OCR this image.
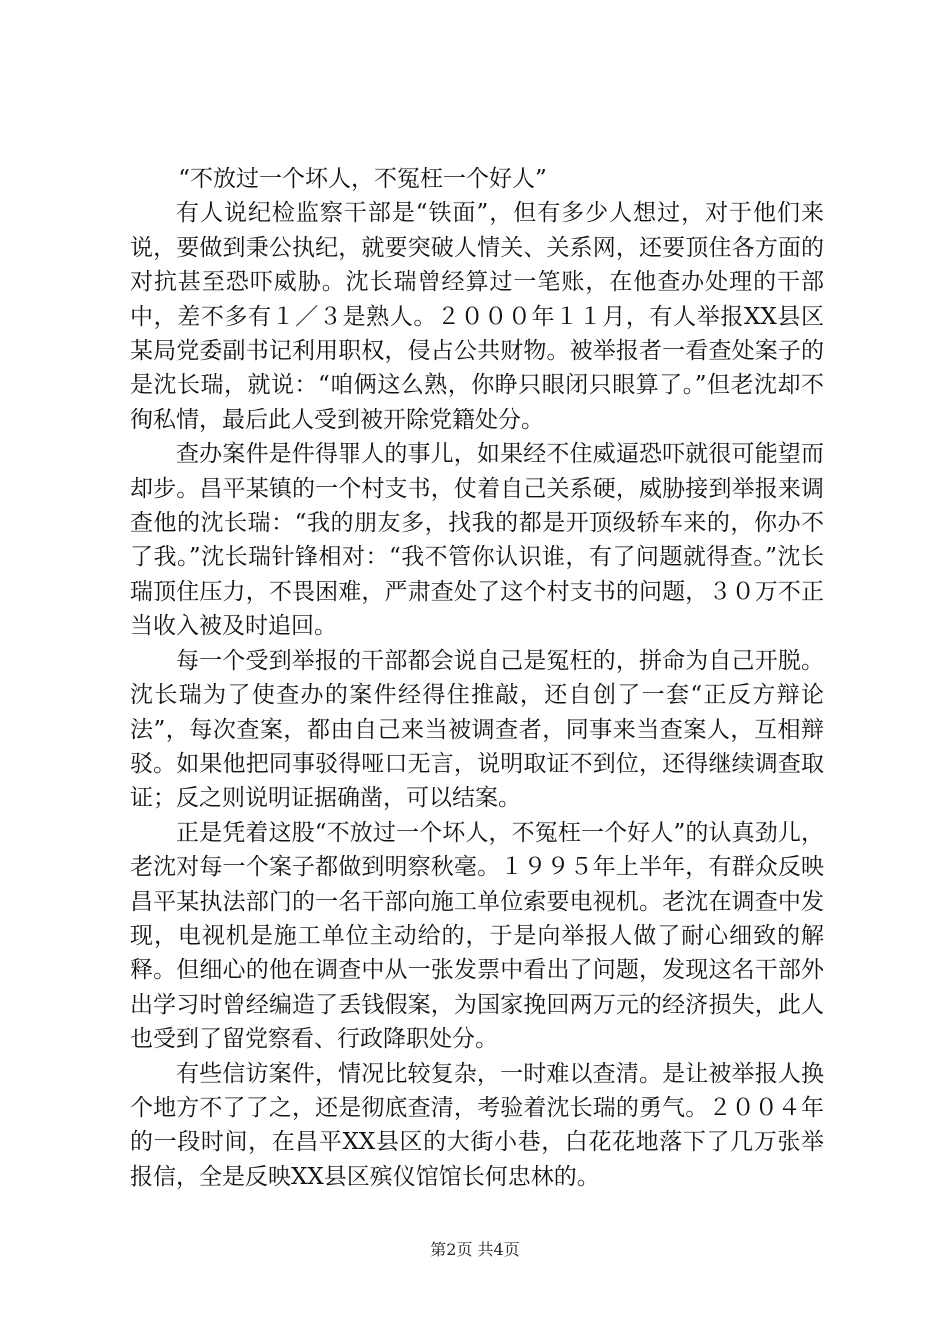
“不放过一个坏人，不冤枉一个好人”

有人说纪检监察干部是“铁面”，但有多少人想过，对于他们来说，要做到秉公执纪，就要突破人情关、关系网，还要顶住各方面的对抗甚至恐吓威胁。沈长瑞曾经算过一笔账，在他查办处理的干部中，差不多有１／３是熟人。２０００年１１月，有人举报XX县区某局党委副书记利用职权，侵占公共财物。被举报者一看查处案子的是沈长瑞，就说：“咱俩这么熟，你睁只眼闭只眼算了。”但老沈却不徇私情，最后此人受到被开除党籍处分。

查办案件是件得罪人的事儿，如果经不住威逼恐吓就很可能望而却步。昌平某镇的一个村支书，仗着自己关系硬，威胁接到举报来调查他的沈长瑞：“我的朋友多，找我的都是开顶级轿车来的，你办不了我。”沈长瑞针锋相对：“我不管你认识谁，有了问题就得查。”沈长瑞顶住压力，不畏困难，严肃查处了这个村支书的问题，３０万不正当收入被及时追回。

每一个受到举报的干部都会说自己是冤枉的，拼命为自己开脱。沈长瑞为了使查办的案件经得住推敲，还自创了一套“正反方辩论法”，每次查案，都由自己来当被调查者，同事来当查案人，互相辩驳。如果他把同事驳得哑口无言，说明取证不到位，还得继续调查取证；反之则说明证据确凿，可以结案。

正是凭着这股“不放过一个坏人，不冤枉一个好人”的认真劲儿，老沈对每一个案子都做到明察秋毫。１９９５年上半年，有群众反映昌平某执法部门的一名干部向施工单位索要电视机。老沈在调查中发现，电视机是施工单位主动给的，于是向举报人做了耐心细致的解释。但细心的他在调查中从一张发票中看出了问题，发现这名干部外出学习时曾经编造了丢钱假案，为国家挽回两万元的经济损失，此人也受到了留党察看、行政降职处分。

有些信访案件，情况比较复杂，一时难以查清。是让被举报人换个地方不了了之，还是彻底查清，考验着沈长瑞的勇气。２００４年的一段时间，在昌平XX县区的大街小巷，白花花地落下了几万张举报信，全是反映XX县区殡仪馆馆长何忠林的。

第2页 共4页
